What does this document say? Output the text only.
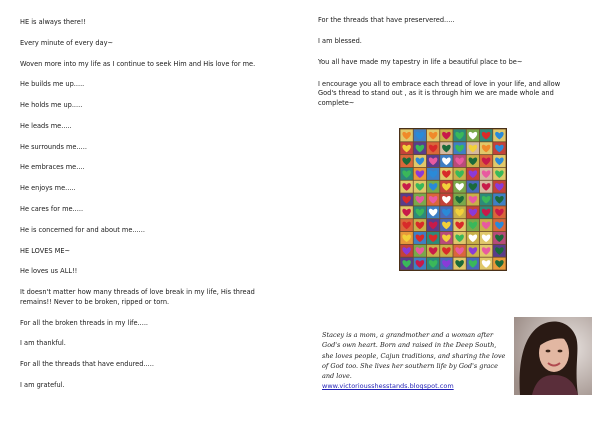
HE is always there!!

Every minute of every day~

Woven more into my life as I continue to seek Him and His love for me.

He builds me up.....

He holds me up.....

He leads me.....

He surrounds me.....

He embraces me....

He enjoys me.....

He cares for me.....

He is concerned for and about me......

HE LOVES ME~

He loves us ALL!!

It doesn't matter how many threads of love break in my life, His thread remains!! Never to be broken, ripped or torn.

For all the broken threads in my life.....

I am thankful.

For all the threads that have endured.....

I am grateful.

For the threads that have preservered.....

I am blessed.

You all have made my tapestry in life a beautiful place to be~

I encourage you all to embrace each thread of love in your life, and allow God's thread to stand out , as it is through him we are made whole and complete~

Stacey is a mom, a grandmother and a woman after God's own heart. Born and raised in the Deep South, she loves people, Cajun traditions, and sharing the love of God too. She lives her southern life by God's grace and love.
www.victoriousshesstands.blogspot.com
